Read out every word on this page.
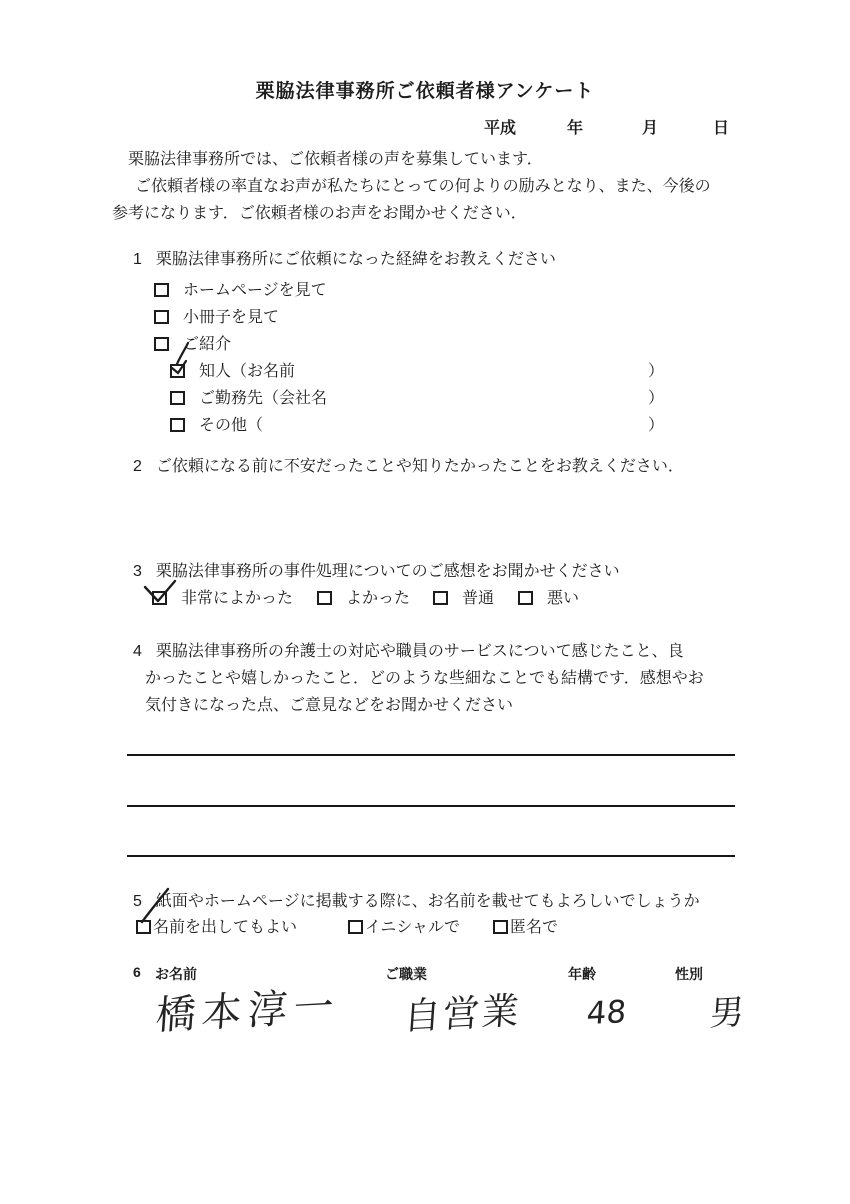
栗脇法律事務所ご依頼者様アンケート
平成	年	月	日
栗脇法律事務所では、ご依頼者様の声を募集しています．
ご依頼者様の率直なお声が私たちにとっての何よりの励みとなり、また、今後の
参考になります．ご依頼者様のお声をお聞かせください．
1 栗脇法律事務所にご依頼になった経緯をお教えください
ホームページを見て
小冊子を見て
ご紹介
知人（お名前	）
ご勤務先（会社名	）
その他（	）
2 ご依頼になる前に不安だったことや知りたかったことをお教えください．
3 栗脇法律事務所の事件処理についてのご感想をお聞かせください
非常によかった	よかった	普通	悪い
4 栗脇法律事務所の弁護士の対応や職員のサービスについて感じたこと、良
かったことや嬉しかったこと．どのような些細なことでも結構です．感想やお
気付きになった点、ご意見などをお聞かせください
5 紙面やホームページに掲載する際に、お名前を載せてもよろしいでしょうか
名前を出してもよい	イニシャルで	匿名で
6 お名前	ご職業	年齢	性別
橋本淳一 自営業 48 男
